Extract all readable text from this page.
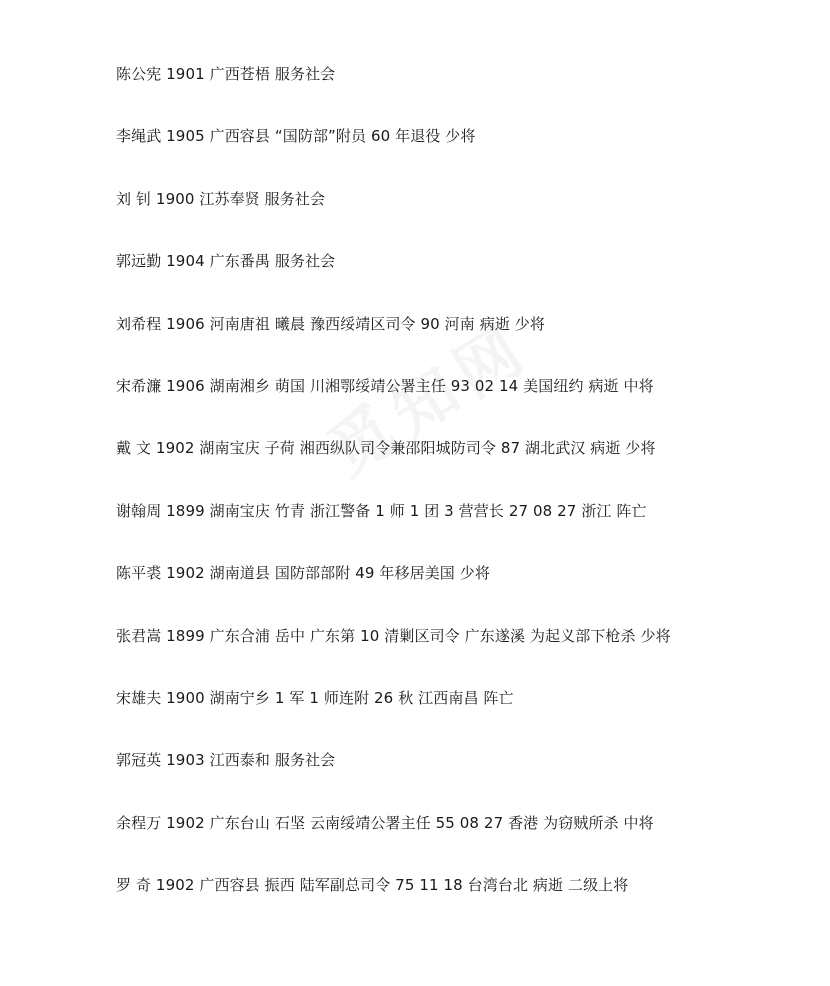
陈公宪 1901 广西苍梧 服务社会
李绳武 1905 广西容县 “国防部”附员 60 年退役 少将
刘 钊 1900 江苏奉贤 服务社会
郭远勤 1904 广东番禺 服务社会
刘希程 1906 河南唐祖 曦晨 豫西绥靖区司令 90 河南 病逝 少将
宋希濂 1906 湖南湘乡 萌国 川湘鄂绥靖公署主任 93 02 14 美国纽约 病逝 中将
戴 文 1902 湖南宝庆 子荷 湘西纵队司令兼邵阳城防司令 87 湖北武汉 病逝 少将
谢翰周 1899 湖南宝庆 竹青 浙江警备 1 师 1 团 3 营营长 27 08 27 浙江 阵亡
陈平裘 1902 湖南道县 国防部部附 49 年移居美国 少将
张君嵩 1899 广东合浦 岳中 广东第 10 清剿区司令 广东遂溪 为起义部下枪杀 少将
宋雄夫 1900 湖南宁乡 1 军 1 师连附 26 秋 江西南昌 阵亡
郭冠英 1903 江西泰和 服务社会
余程万 1902 广东台山 石坚 云南绥靖公署主任 55 08 27 香港 为窃贼所杀 中将
罗 奇 1902 广西容县 振西 陆军副总司令 75 11 18 台湾台北 病逝 二级上将
